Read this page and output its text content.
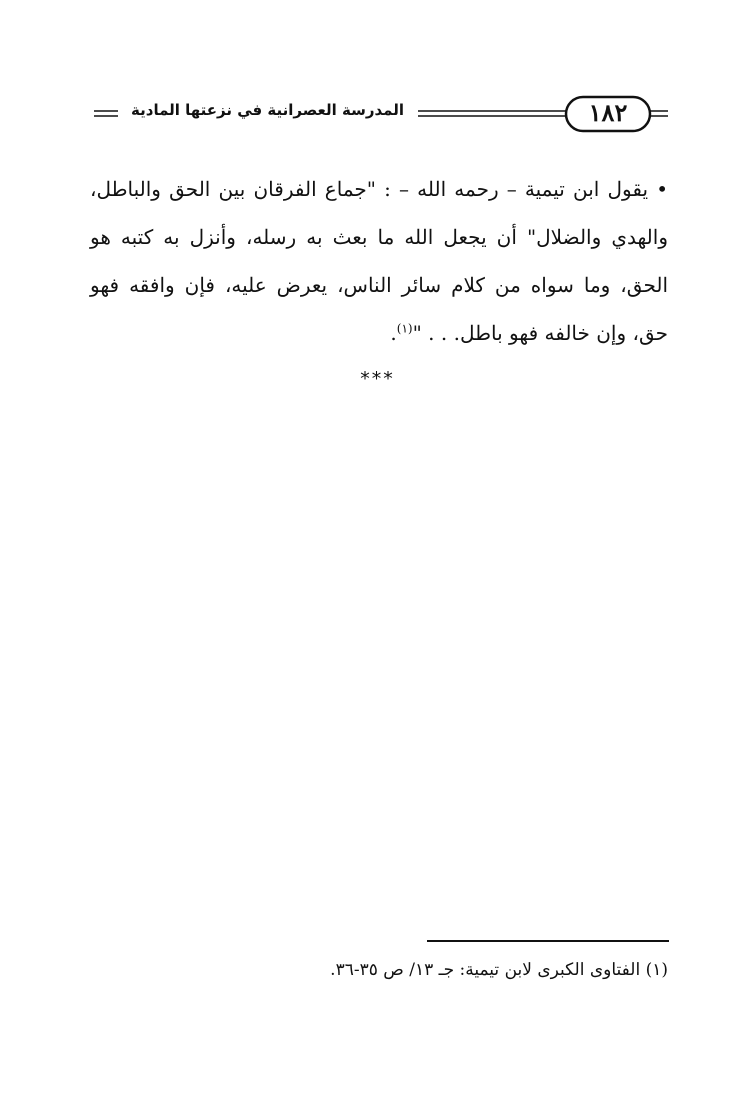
١٨٢
المدرسة العصرانية في نزعتها المادية

• يقول ابن تيمية – رحمه الله – : "جماع الفرقان بين الحق والباطل، والهدي والضلال" أن يجعل الله ما بعث به رسله، وأنزل به كتبه هو الحق، وما سواه من كلام سائر الناس، يعرض عليه، فإن وافقه فهو حق، وإن خالفه فهو باطل. . . "$^{(١)}$.

***
(١) الفتاوى الكبرى لابن تيمية: جـ ١٣/ ص ٣٥-٣٦.
